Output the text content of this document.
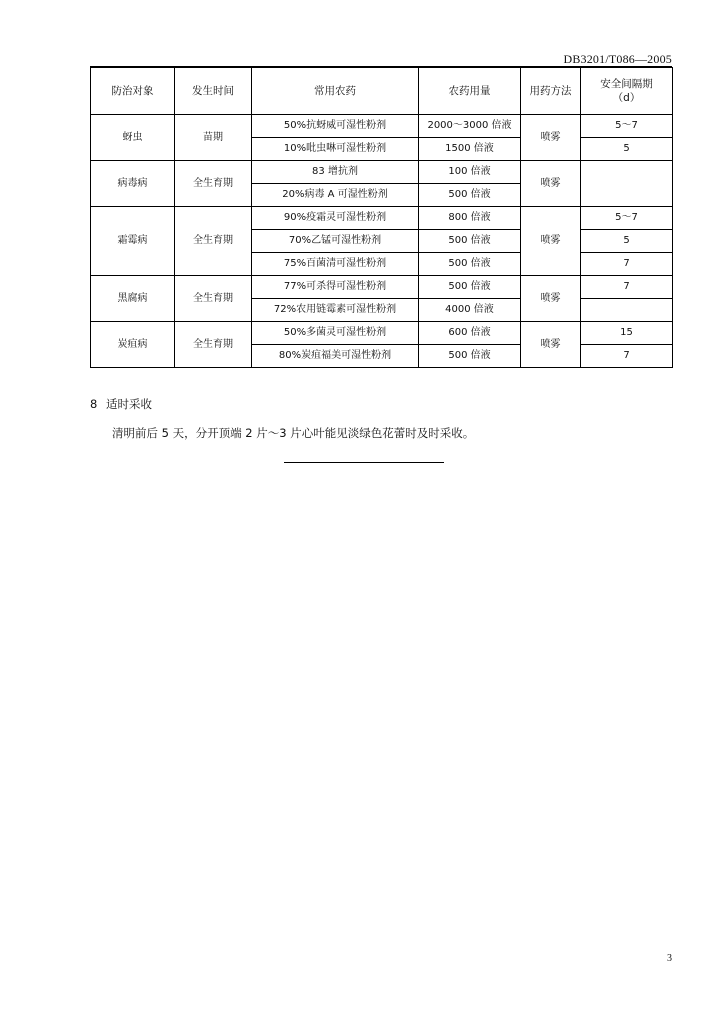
DB3201/T086—2005
防治对象	发生时间	常用农药	农药用量	用药方法	安全间隔期
（d）

蚜虫	苗期	50%抗蚜威可湿性粉剂	2000～3000 倍液	喷雾	5～7
		10%吡虫啉可湿性粉剂	1500 倍液		5
病毒病	全生育期	83 增抗剂	100 倍液	喷雾	
		20%病毒 A 可湿性粉剂	500 倍液		
霜霉病	全生育期	90%疫霜灵可湿性粉剂	800 倍液	喷雾	5～7
		70%乙锰可湿性粉剂	500 倍液		5
		75%百菌清可湿性粉剂	500 倍液		7
黑腐病	全生育期	77%可杀得可湿性粉剂	500 倍液	喷雾	7
		72%农用链霉素可湿性粉剂	4000 倍液		
炭疽病	全生育期	50%多菌灵可湿性粉剂	600 倍液	喷雾	15
		80%炭疽福美可湿性粉剂	500 倍液		7
8 适时采收
清明前后 5 天，分开顶端 2 片～3 片心叶能见淡绿色花蕾时及时采收。
3
